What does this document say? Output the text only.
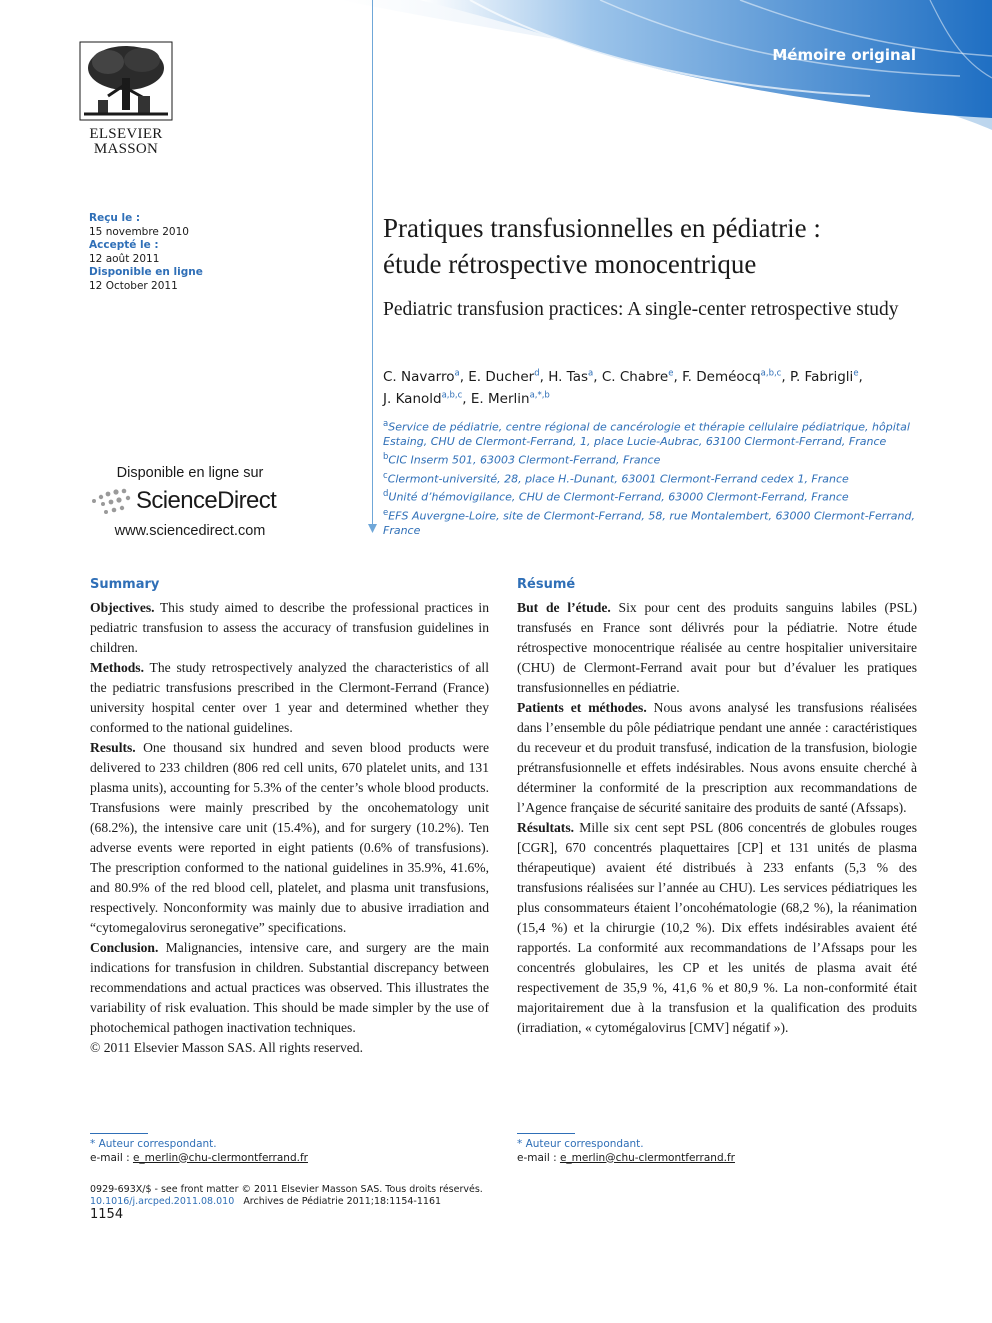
Mémoire original
ELSEVIER
MASSON
Reçu le :
15 novembre 2010
Accepté le :
12 août 2011
Disponible en ligne
12 October 2011
Disponible en ligne sur
ScienceDirect
www.sciencedirect.com
Pratiques transfusionnelles en pédiatrie :
étude rétrospective monocentrique
Pediatric transfusion practices: A single-center retrospective study
C. Navarro$^a$, E. Ducher$^d$, H. Tas$^a$, C. Chabre$^e$, F. Deméocq$^{a,b,c}$, P. Fabrigli$^e$,
J. Kanold$^{a,b,c}$, E. Merlin$^{a,*,b}$
$^a$Service de pédiatrie, centre régional de cancérologie et thérapie cellulaire pédiatrique, hôpital Estaing, CHU de Clermont-Ferrand, 1, place Lucie-Aubrac, 63100 Clermont-Ferrand, France
$^b$CIC Inserm 501, 63003 Clermont-Ferrand, France
$^c$Clermont-université, 28, place H.-Dunant, 63001 Clermont-Ferrand cedex 1, France
$^d$Unité d’hémovigilance, CHU de Clermont-Ferrand, 63000 Clermont-Ferrand, France
$^e$EFS Auvergne-Loire, site de Clermont-Ferrand, 58, rue Montalembert, 63000 Clermont-Ferrand, France
Summary

Objectives. This study aimed to describe the professional practices in pediatric transfusion to assess the accuracy of transfusion guidelines in children.

Methods. The study retrospectively analyzed the characteristics of all the pediatric transfusions prescribed in the Clermont-Ferrand (France) university hospital center over 1 year and determined whether they conformed to the national guidelines.

Results. One thousand six hundred and seven blood products were delivered to 233 children (806 red cell units, 670 platelet units, and 131 plasma units), accounting for 5.3% of the center’s whole blood products. Transfusions were mainly prescribed by the oncohematology unit (68.2%), the intensive care unit (15.4%), and for surgery (10.2%). Ten adverse events were reported in eight patients (0.6% of transfusions). The prescription conformed to the national guidelines in 35.9%, 41.6%, and 80.9% of the red blood cell, platelet, and plasma unit transfusions, respectively. Nonconformity was mainly due to abusive irradiation and “cytomegalovirus seronegative” specifications.

Conclusion. Malignancies, intensive care, and surgery are the main indications for transfusion in children. Substantial discrepancy between recommendations and actual practices was observed. This illustrates the variability of risk evaluation. This should be made simpler by the use of photochemical pathogen inactivation techniques.

© 2011 Elsevier Masson SAS. All rights reserved.

Résumé

But de l’étude. Six pour cent des produits sanguins labiles (PSL) transfusés en France sont délivrés pour la pédiatrie. Notre étude rétrospective monocentrique réalisée au centre hospitalier universitaire (CHU) de Clermont-Ferrand avait pour but d’évaluer les pratiques transfusionnelles en pédiatrie.

Patients et méthodes. Nous avons analysé les transfusions réalisées dans l’ensemble du pôle pédiatrique pendant une année : caractéristiques du receveur et du produit transfusé, indication de la transfusion, biologie prétransfusionnelle et effets indésirables. Nous avons ensuite cherché à déterminer la conformité de la prescription aux recommandations de l’Agence française de sécurité sanitaire des produits de santé (Afssaps).

Résultats. Mille six cent sept PSL (806 concentrés de globules rouges [CGR], 670 concentrés plaquettaires [CP] et 131 unités de plasma thérapeutique) avaient été distribués à 233 enfants (5,3 % des transfusions réalisées sur l’année au CHU). Les services pédiatriques les plus consommateurs étaient l’oncohématologie (68,2 %), la réanimation (15,4 %) et la chirurgie (10,2 %). Dix effets indésirables avaient été rapportés. La conformité aux recommandations de l’Afssaps pour les concentrés globulaires, les CP et les unités de plasma avait été respectivement de 35,9 %, 41,6 % et 80,9 %. La non-conformité était majoritairement due à la transfusion et la qualification des produits (irradiation, « cytomégalovirus [CMV] négatif »).

* Auteur correspondant.
e-mail : e_merlin@chu-clermontferrand.fr
* Auteur correspondant.
e-mail : e_merlin@chu-clermontferrand.fr
0929-693X/$ - see front matter © 2011 Elsevier Masson SAS. Tous droits réservés.
10.1016/j.arcped.2011.08.010 Archives de Pédiatrie 2011;18:1154-1161
1154
